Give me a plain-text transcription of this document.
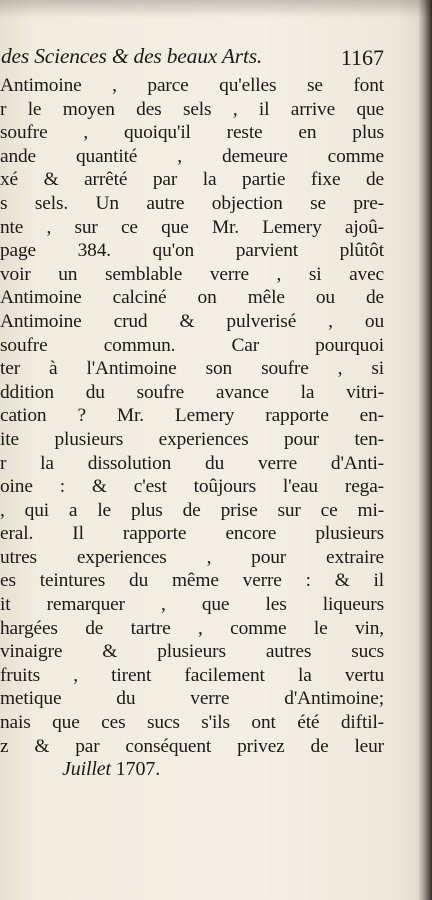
des Sciences & des beaux Arts.	1167
Antimoine , parce qu'elles se font
r le moyen des sels , il arrive que
soufre , quoiqu'il reste en plus
ande quantité , demeure comme
xé & arrêté par la partie fixe de
s sels. Un autre objection se pre-
nte , sur ce que Mr. Lemery ajoû-
page 384. qu'on parvient plûtôt
voir un semblable verre , si avec
Antimoine calciné on mêle ou de
Antimoine crud & pulverisé , ou
soufre commun. Car pourquoi
ter à l'Antimoine son soufre , si
ddition du soufre avance la vitri-
cation ? Mr. Lemery rapporte en-
ite plusieurs experiences pour ten-
r la dissolution du verre d'Anti-
oine : & c'est toûjours l'eau rega-
, qui a le plus de prise sur ce mi-
eral. Il rapporte encore plusieurs
utres experiences , pour extraire
es teintures du même verre : & il
it remarquer , que les liqueurs
hargées de tartre , comme le vin,
vinaigre & plusieurs autres sucs
fruits , tirent facilement la vertu
metique du verre d'Antimoine;
nais que ces sucs s'ils ont été diftil-
z & par conséquent privez de leur
Juillet 1707.
